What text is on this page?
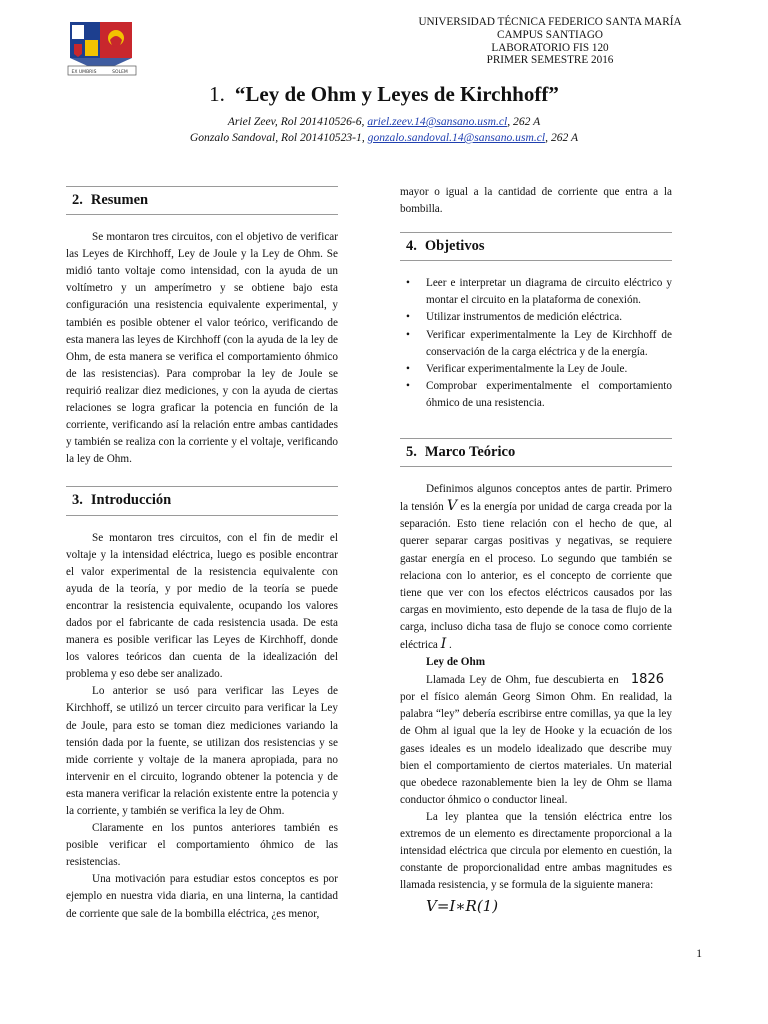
EX UMBRIS	SOLEM
UNIVERSIDAD TÉCNICA FEDERICO SANTA MARÍA
CAMPUS SANTIAGO
LABORATORIO FIS 120
PRIMER SEMESTRE 2016
1. “Ley de Ohm y Leyes de Kirchhoff”
Ariel Zeev, Rol 201410526-6, ariel.zeev.14@sansano.usm.cl, 262 A
Gonzalo Sandoval, Rol 201410523-1, gonzalo.sandoval.14@sansano.usm.cl, 262 A
2. Resumen

Se montaron tres circuitos, con el objetivo de verificar las Leyes de Kirchhoff, Ley de Joule y la Ley de Ohm. Se midió tanto voltaje como intensidad, con la ayuda de un voltímetro y un amperímetro y se obtiene bajo esta configuración una resistencia equivalente experimental, y también es posible obtener el valor teórico, verificando de esta manera las leyes de Kirchhoff (con la ayuda de la ley de Ohm, de esta manera se verifica el comportamiento óhmico de las resistencias). Para comprobar la ley de Joule se requirió realizar diez mediciones, y con la ayuda de ciertas relaciones se logra graficar la potencia en función de la corriente, verificando así la relación entre ambas cantidades y también se realiza con la corriente y el voltaje, verificando la ley de Ohm.

3. Introducción

Se montaron tres circuitos, con el fin de medir el voltaje y la intensidad eléctrica, luego es posible encontrar el valor experimental de la resistencia equivalente con ayuda de la teoría, y por medio de la teoría se puede encontrar la resistencia equivalente, ocupando los valores dados por el fabricante de cada resistencia usada. De esta manera es posible verificar las Leyes de Kirchhoff, donde los valores teóricos dan cuenta de la idealización del problema y eso debe ser analizado.

Lo anterior se usó para verificar las Leyes de Kirchhoff, se utilizó un tercer circuito para verificar la Ley de Joule, para esto se toman diez mediciones variando la tensión dada por la fuente, se utilizan dos resistencias y se mide corriente y voltaje de la manera apropiada, para no intervenir en el circuito, logrando obtener la potencia y de esta manera verificar la relación existente entre la potencia y la corriente, y también se verifica la ley de Ohm.

Claramente en los puntos anteriores también es posible verificar el comportamiento óhmico de las resistencias.

Una motivación para estudiar estos conceptos es por ejemplo en nuestra vida diaria, en una linterna, la cantidad de corriente que sale de la bombilla eléctrica, ¿es menor,

mayor o igual a la cantidad de corriente que entra a la bombilla.

4. Objetivos
• Leer e interpretar un diagrama de circuito eléctrico y montar el circuito en la plataforma de conexión.
• Utilizar instrumentos de medición eléctrica.
• Verificar experimentalmente la Ley de Kirchhoff de conservación de la carga eléctrica y de la energía.
• Verificar experimentalmente la Ley de Joule.
• Comprobar experimentalmente el comportamiento óhmico de una resistencia.
5. Marco Teórico

Definimos algunos conceptos antes de partir. Primero la tensión V es la energía por unidad de carga creada por la separación. Esto tiene relación con el hecho de que, al querer separar cargas positivas y negativas, se requiere gastar energía en el proceso. Lo segundo que también se relaciona con lo anterior, es el concepto de corriente que tiene que ver con los efectos eléctricos causados por las cargas en movimiento, esto depende de la tasa de flujo de la carga, incluso dicha tasa de flujo se conoce como corriente eléctrica I .

Ley de Ohm

Llamada Ley de Ohm, fue descubierta en 1826 por el físico alemán Georg Simon Ohm. En realidad, la palabra “ley” debería escribirse entre comillas, ya que la ley de Ohm al igual que la ley de Hooke y la ecuación de los gases ideales es un modelo idealizado que describe muy bien el comportamiento de ciertos materiales. Un material que obedece razonablemente bien la ley de Ohm se llama conductor óhmico o conductor lineal.

La ley plantea que la tensión eléctrica entre los extremos de un elemento es directamente proporcional a la intensidad eléctrica que circula por elemento en cuestión, la constante de proporcionalidad entre ambas magnitudes es llamada resistencia, y se formula de la siguiente manera:

V=I∗R(1)

1
